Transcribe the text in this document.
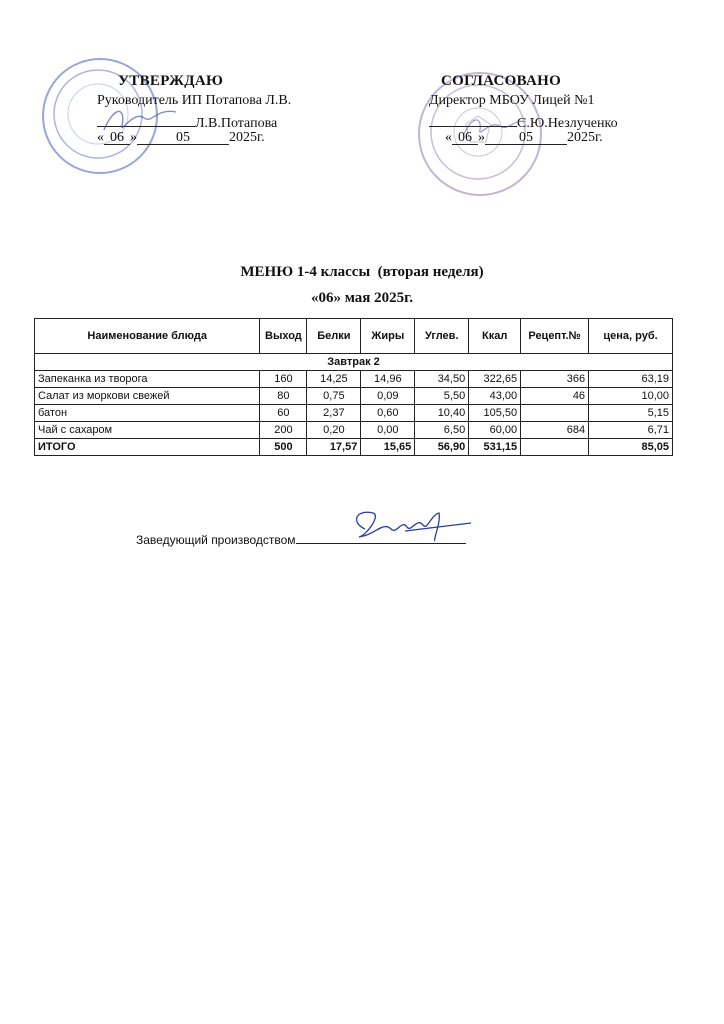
УТВЕРЖДАЮ
Руководитель ИП Потапова Л.В.
Л.В.Потапова
« 06 »	05	2025г.
СОГЛАСОВАНО
Директор МБОУ Лицей №1
С.Ю.Незлученко
« 06 » 05 2025г.
МЕНЮ 1-4 классы  (вторая неделя)
«06» мая 2025г.
Наименование блюда	Выход	Белки	Жиры	Углев.	Ккал	Рецепт.№	цена, руб.
Завтрак 2							
Запеканка из творога	160	14,25	14,96	34,50	322,65	366	63,19
Салат из моркови свежей	80	0,75	0,09	5,50	43,00	46	10,00
батон	60	2,37	0,60	10,40	105,50		5,15
Чай с сахаром	200	0,20	0,00	6,50	60,00	684	6,71
ИТОГО	500	17,57	15,65	56,90	531,15		85,05
Заведующий производством
